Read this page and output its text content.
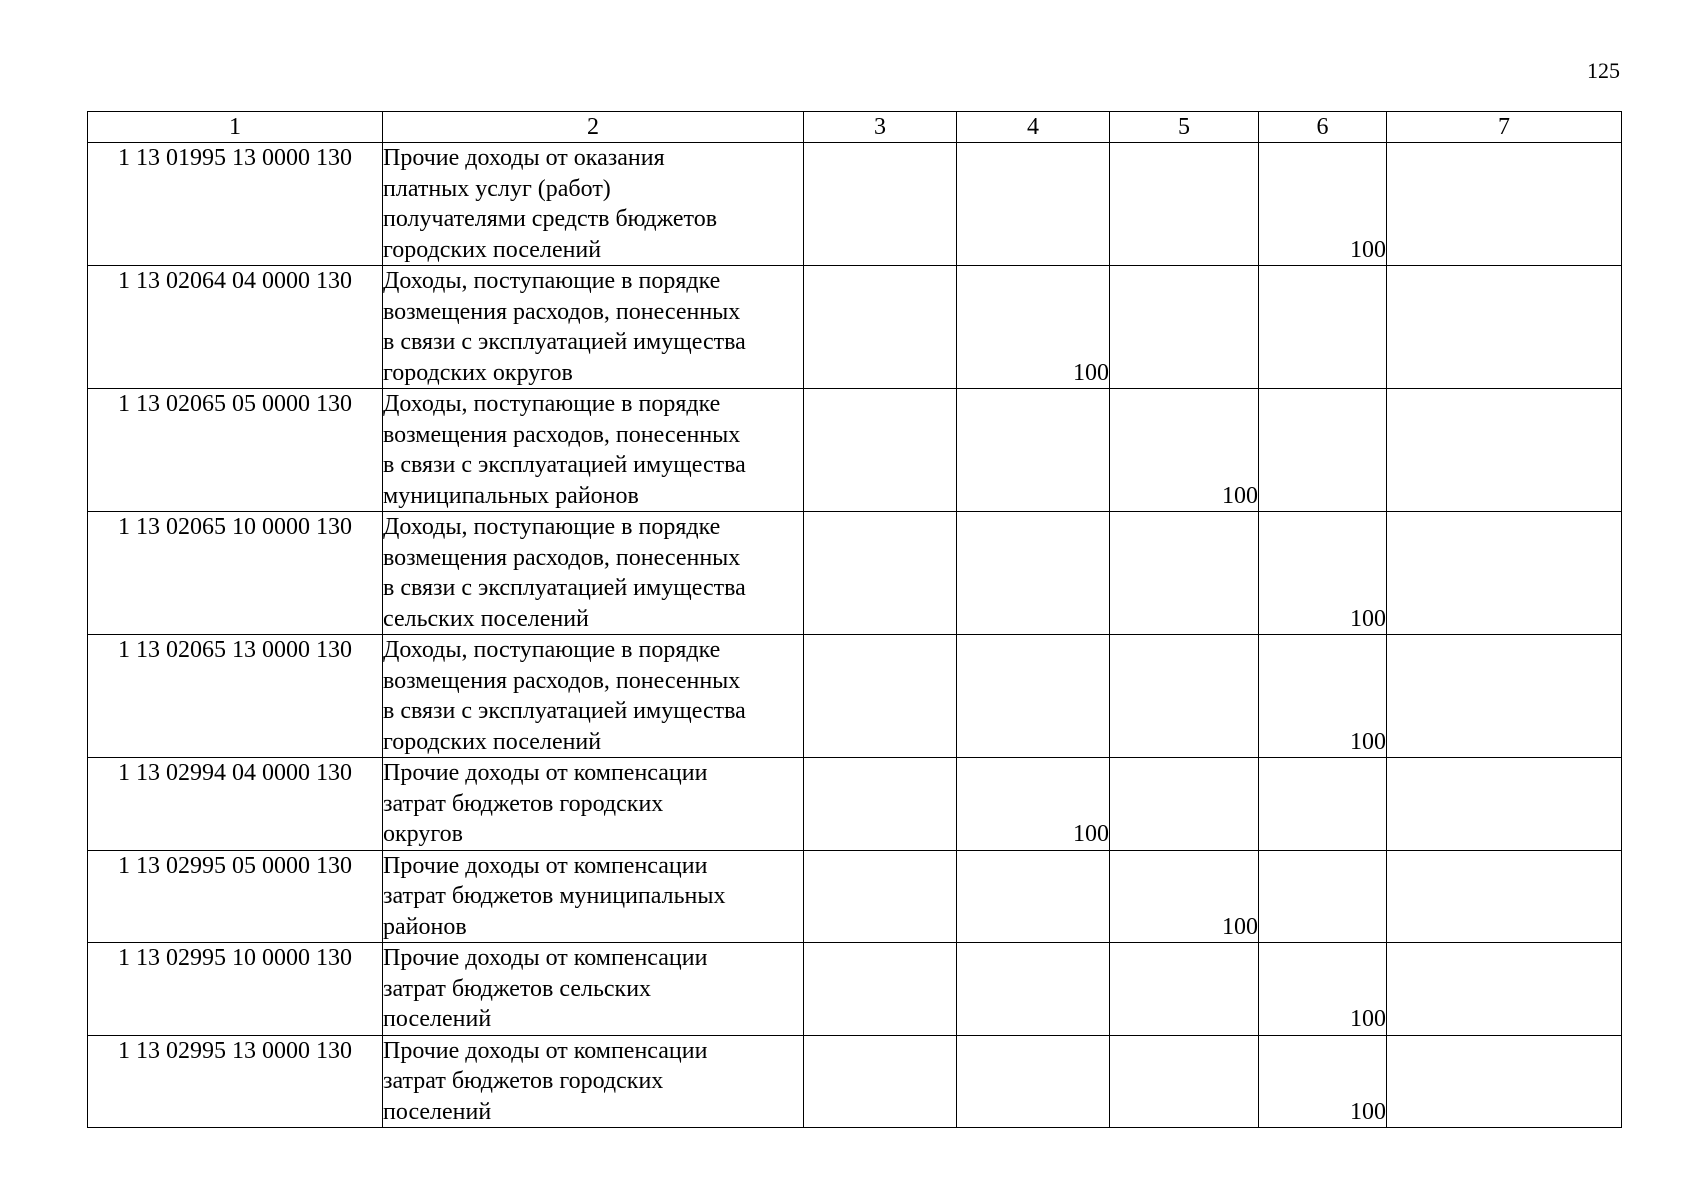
125
1	2	3	4	5	6	7
1 13 01995 13 0000 130	Прочие доходы от оказания
платных услуг (работ)
получателями средств бюджетов
городских поселений				100	
1 13 02064 04 0000 130	Доходы, поступающие в порядке
возмещения расходов, понесенных
в связи с эксплуатацией имущества
городских округов		100			
1 13 02065 05 0000 130	Доходы, поступающие в порядке
возмещения расходов, понесенных
в связи с эксплуатацией имущества
муниципальных районов			100		
1 13 02065 10 0000 130	Доходы, поступающие в порядке
возмещения расходов, понесенных
в связи с эксплуатацией имущества
сельских поселений				100	
1 13 02065 13 0000 130	Доходы, поступающие в порядке
возмещения расходов, понесенных
в связи с эксплуатацией имущества
городских поселений				100	
1 13 02994 04 0000 130	Прочие доходы от компенсации
затрат бюджетов городских
округов		100			
1 13 02995 05 0000 130	Прочие доходы от компенсации
затрат бюджетов муниципальных
районов			100		
1 13 02995 10 0000 130	Прочие доходы от компенсации
затрат бюджетов сельских
поселений				100	
1 13 02995 13 0000 130	Прочие доходы от компенсации
затрат бюджетов городских
поселений				100	
